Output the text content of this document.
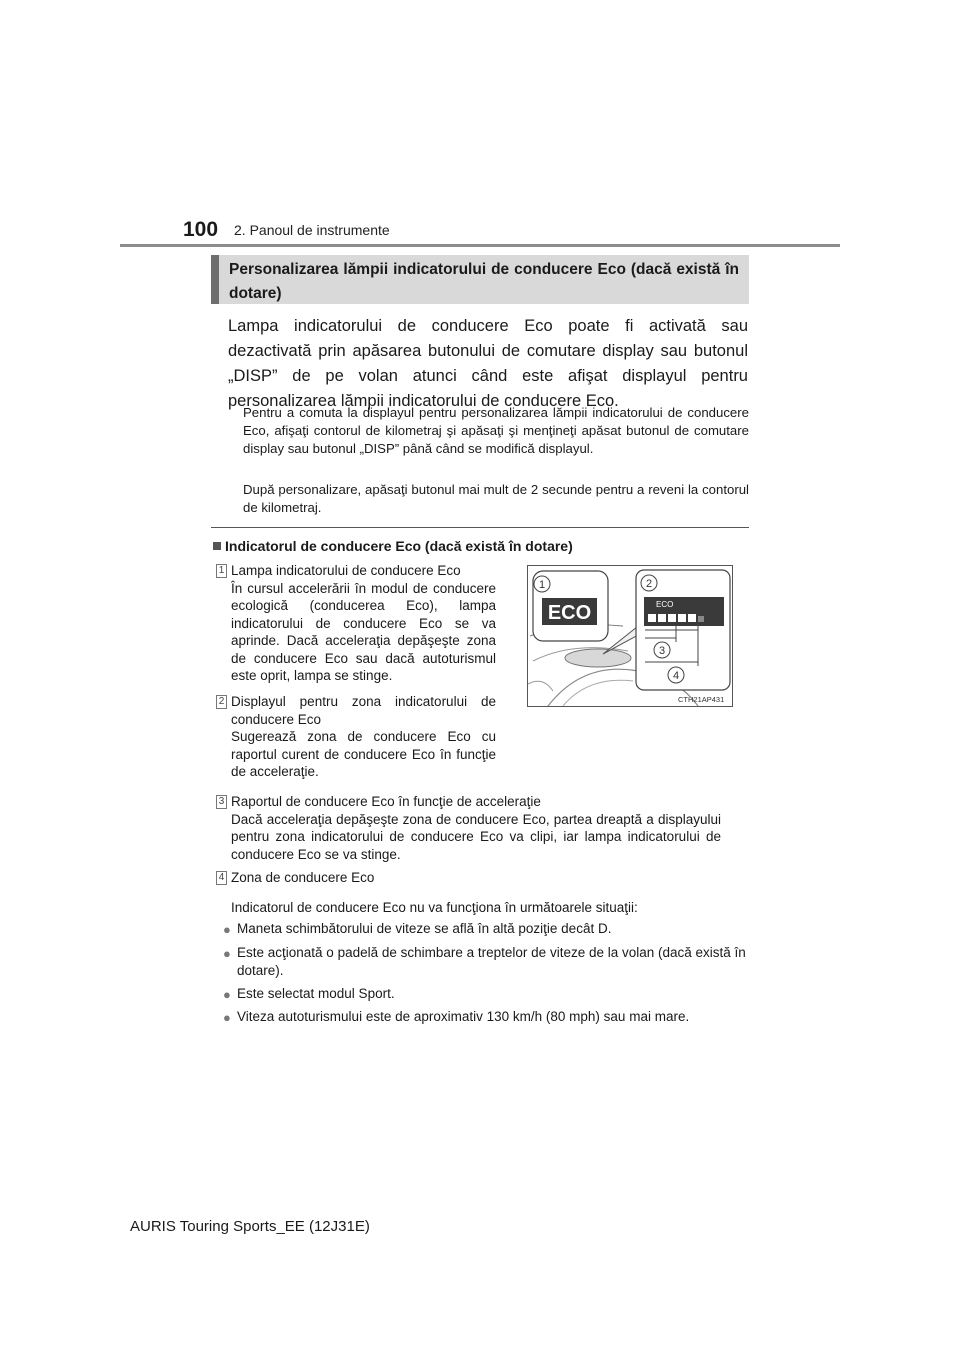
100 2. Panoul de instrumente
Personalizarea lămpii indicatorului de conducere Eco (dacă există în dotare)
Lampa indicatorului de conducere Eco poate fi activată sau dezactivată prin apăsarea butonului de comutare display sau butonul „DISP” de pe volan atunci când este afişat displayul pentru personalizarea lămpii indicatorului de conducere Eco.
Pentru a comuta la displayul pentru personalizarea lămpii indicatorului de conducere Eco, afişaţi contorul de kilometraj şi apăsaţi şi menţineţi apăsat butonul de comutare display sau butonul „DISP” până când se modifică displayul.
După personalizare, apăsaţi butonul mai mult de 2 secunde pentru a reveni la contorul de kilometraj.
Indicatorul de conducere Eco (dacă există în dotare)
1 Lampa indicatorului de conducere Eco
În cursul accelerării în modul de conducere ecologică (conducerea Eco), lampa indicatorului de conducere Eco se va aprinde. Dacă acceleraţia depăşeşte zona de conducere Eco sau dacă autoturismul este oprit, lampa se stinge.
2 Displayul pentru zona indicatorului de conducere Eco
Sugerează zona de conducere Eco cu raportul curent de conducere Eco în funcţie de acceleraţie.
3 Raportul de conducere Eco în funcţie de acceleraţie
Dacă acceleraţia depăşeşte zona de conducere Eco, partea dreaptă a displayului pentru zona indicatorului de conducere Eco va clipi, iar lampa indicatorului de conducere Eco se va stinge.
4 Zona de conducere Eco
ECO
1	2
ECO
3
4
CTH21AP431
Indicatorul de conducere Eco nu va funcţiona în următoarele situaţii:
● Maneta schimbătorului de viteze se află în altă poziţie decât D.
● Este acţionată o padelă de schimbare a treptelor de viteze de la volan (dacă există în dotare).
● Este selectat modul Sport.
● Viteza autoturismului este de aproximativ 130 km/h (80 mph) sau mai mare.
AURIS Touring Sports_EE (12J31E)
